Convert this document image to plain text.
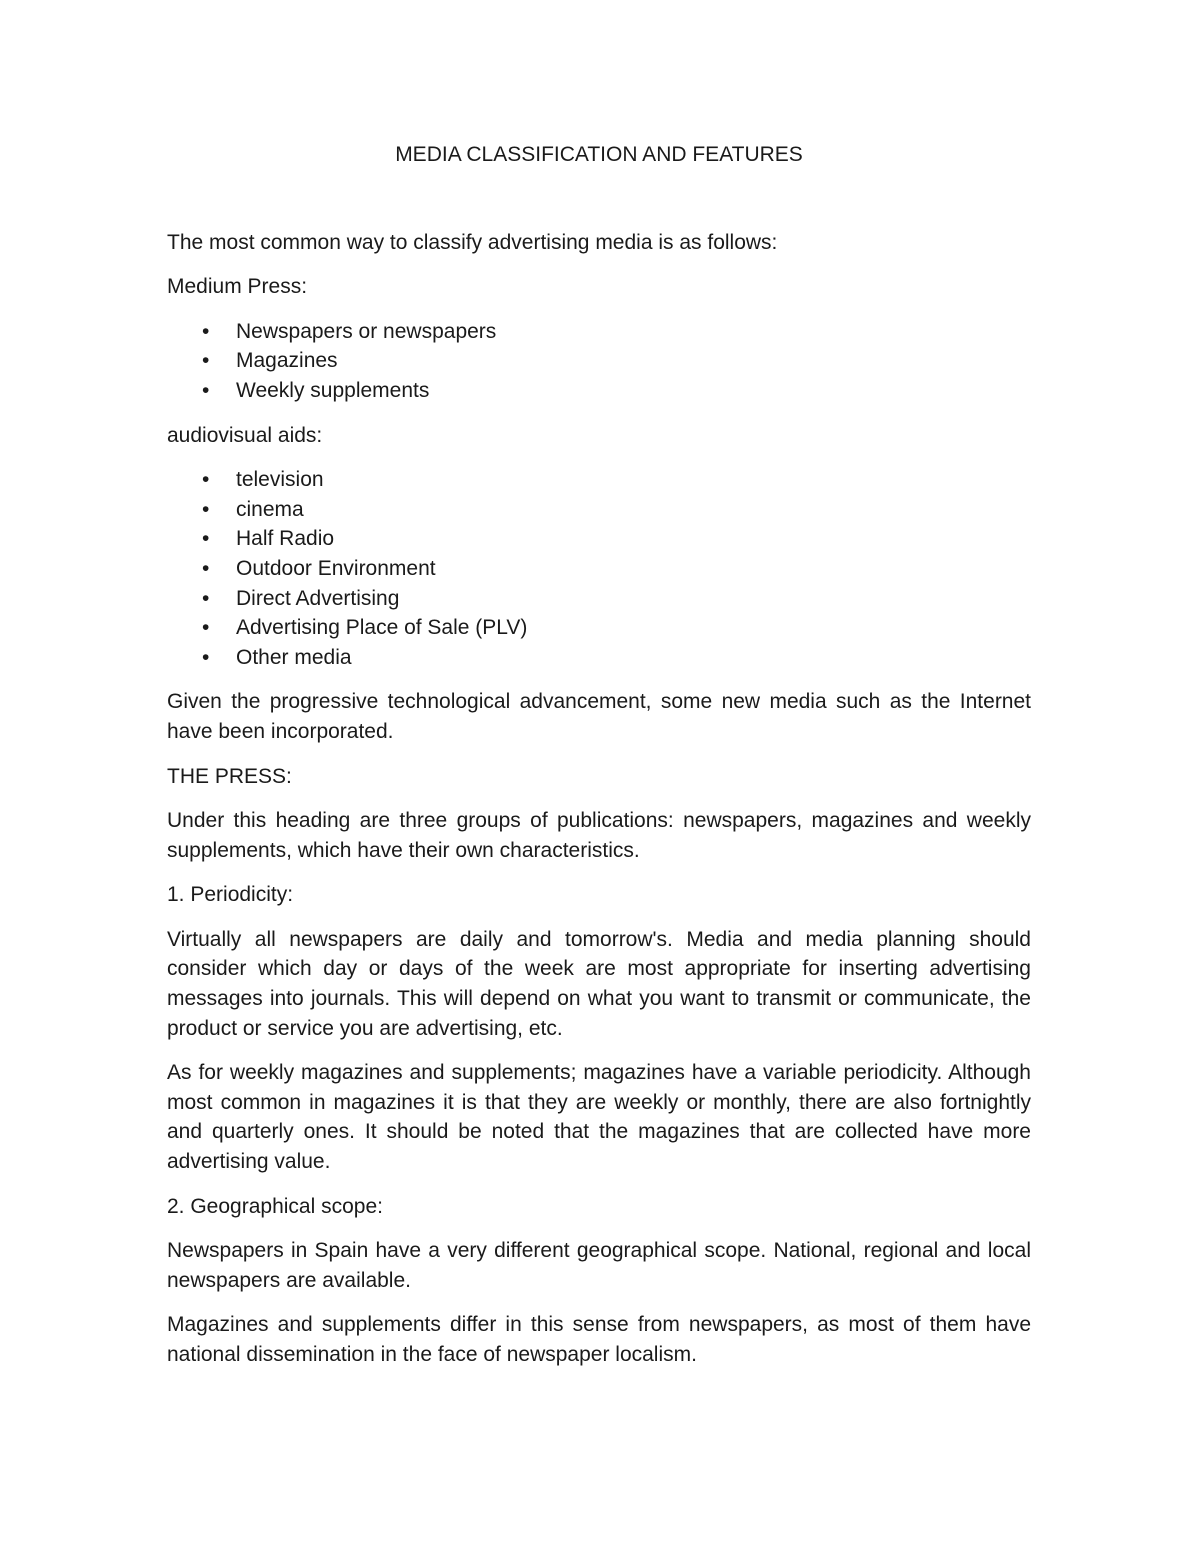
MEDIA CLASSIFICATION AND FEATURES

The most common way to classify advertising media is as follows:

Medium Press:

• Newspapers or newspapers
• Magazines
• Weekly supplements

audiovisual aids:

• television
• cinema
• Half Radio
• Outdoor Environment
• Direct Advertising
• Advertising Place of Sale (PLV)
• Other media

Given the progressive technological advancement, some new media such as the Internet have been incorporated.

THE PRESS:

Under this heading are three groups of publications: newspapers, magazines and weekly supplements, which have their own characteristics.

1. Periodicity:

Virtually all newspapers are daily and tomorrow's. Media and media planning should consider which day or days of the week are most appropriate for inserting advertising messages into journals. This will depend on what you want to transmit or communicate, the product or service you are advertising, etc.

As for weekly magazines and supplements; magazines have a variable periodicity. Although most common in magazines it is that they are weekly or monthly, there are also fortnightly and quarterly ones. It should be noted that the magazines that are collected have more advertising value.

2. Geographical scope:

Newspapers in Spain have a very different geographical scope. National, regional and local newspapers are available.

Magazines and supplements differ in this sense from newspapers, as most of them have national dissemination in the face of newspaper localism.
